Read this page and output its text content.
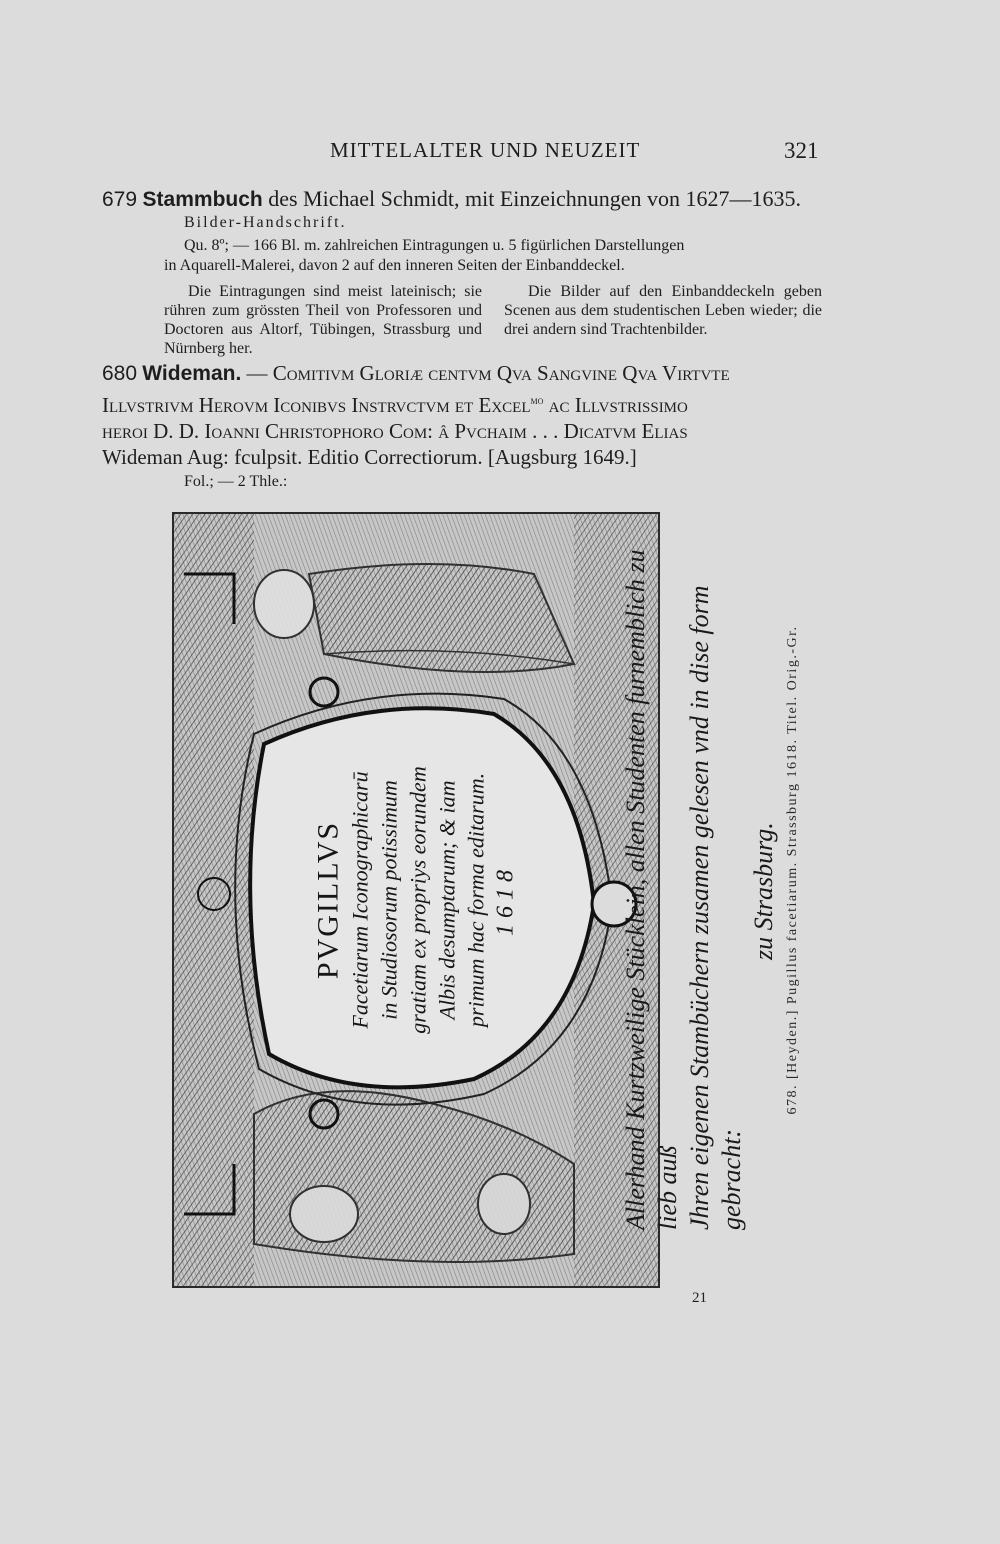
MITTELALTER UND NEUZEIT	321
679 Stammbuch des Michael Schmidt, mit Einzeichnungen von 1627—1635.
Bilder-Handschrift.
Qu. 8º; — 166 Bl. m. zahlreichen Eintragungen u. 5 figürlichen Darstellungen
in Aquarell-Malerei, davon 2 auf den inneren Seiten der Einbanddeckel.

Die Eintragungen sind meist lateinisch; sie rühren zum grössten Theil von Professoren und Doctoren aus Altorf, Tübingen, Strassburg und Nürnberg her.

Die Bilder auf den Einbanddeckeln geben Scenen aus dem studentischen Leben wieder; die drei andern sind Trachtenbilder.

680 Wideman. — Comitivm Gloriæ centvm Qva Sangvine Qva Virtvte
Illvstrivm Herovm Iconibvs Instrvctvm et Excel$^{mo}$ ac Illvstrissimo
heroi D. D. Ioanni Christophoro Com: â Pvchaim . . . Dicatvm Elias
Wideman Aug: fculpsit. Editio Correctiorum. [Augsburg 1649.]
Fol.; — 2 Thle.:
PVGILLVS Facetiarum Iconographicarū in Studiosorum potissimum gratiam ex propriys eorundem Albis desumptarum; & iam primum hac forma editarum. 1618	Allerhand Kurtzweilige Stücklein, allen Studenten furnemblich zu lieb auß Jhren eigenen Stambüchern zusamen gelesen vnd in dise form gebracht:
zu Strasburg. 678. [Heyden.] Pugillus facetiarum. Strassburg 1618. Titel. Orig.-Gr.
21
